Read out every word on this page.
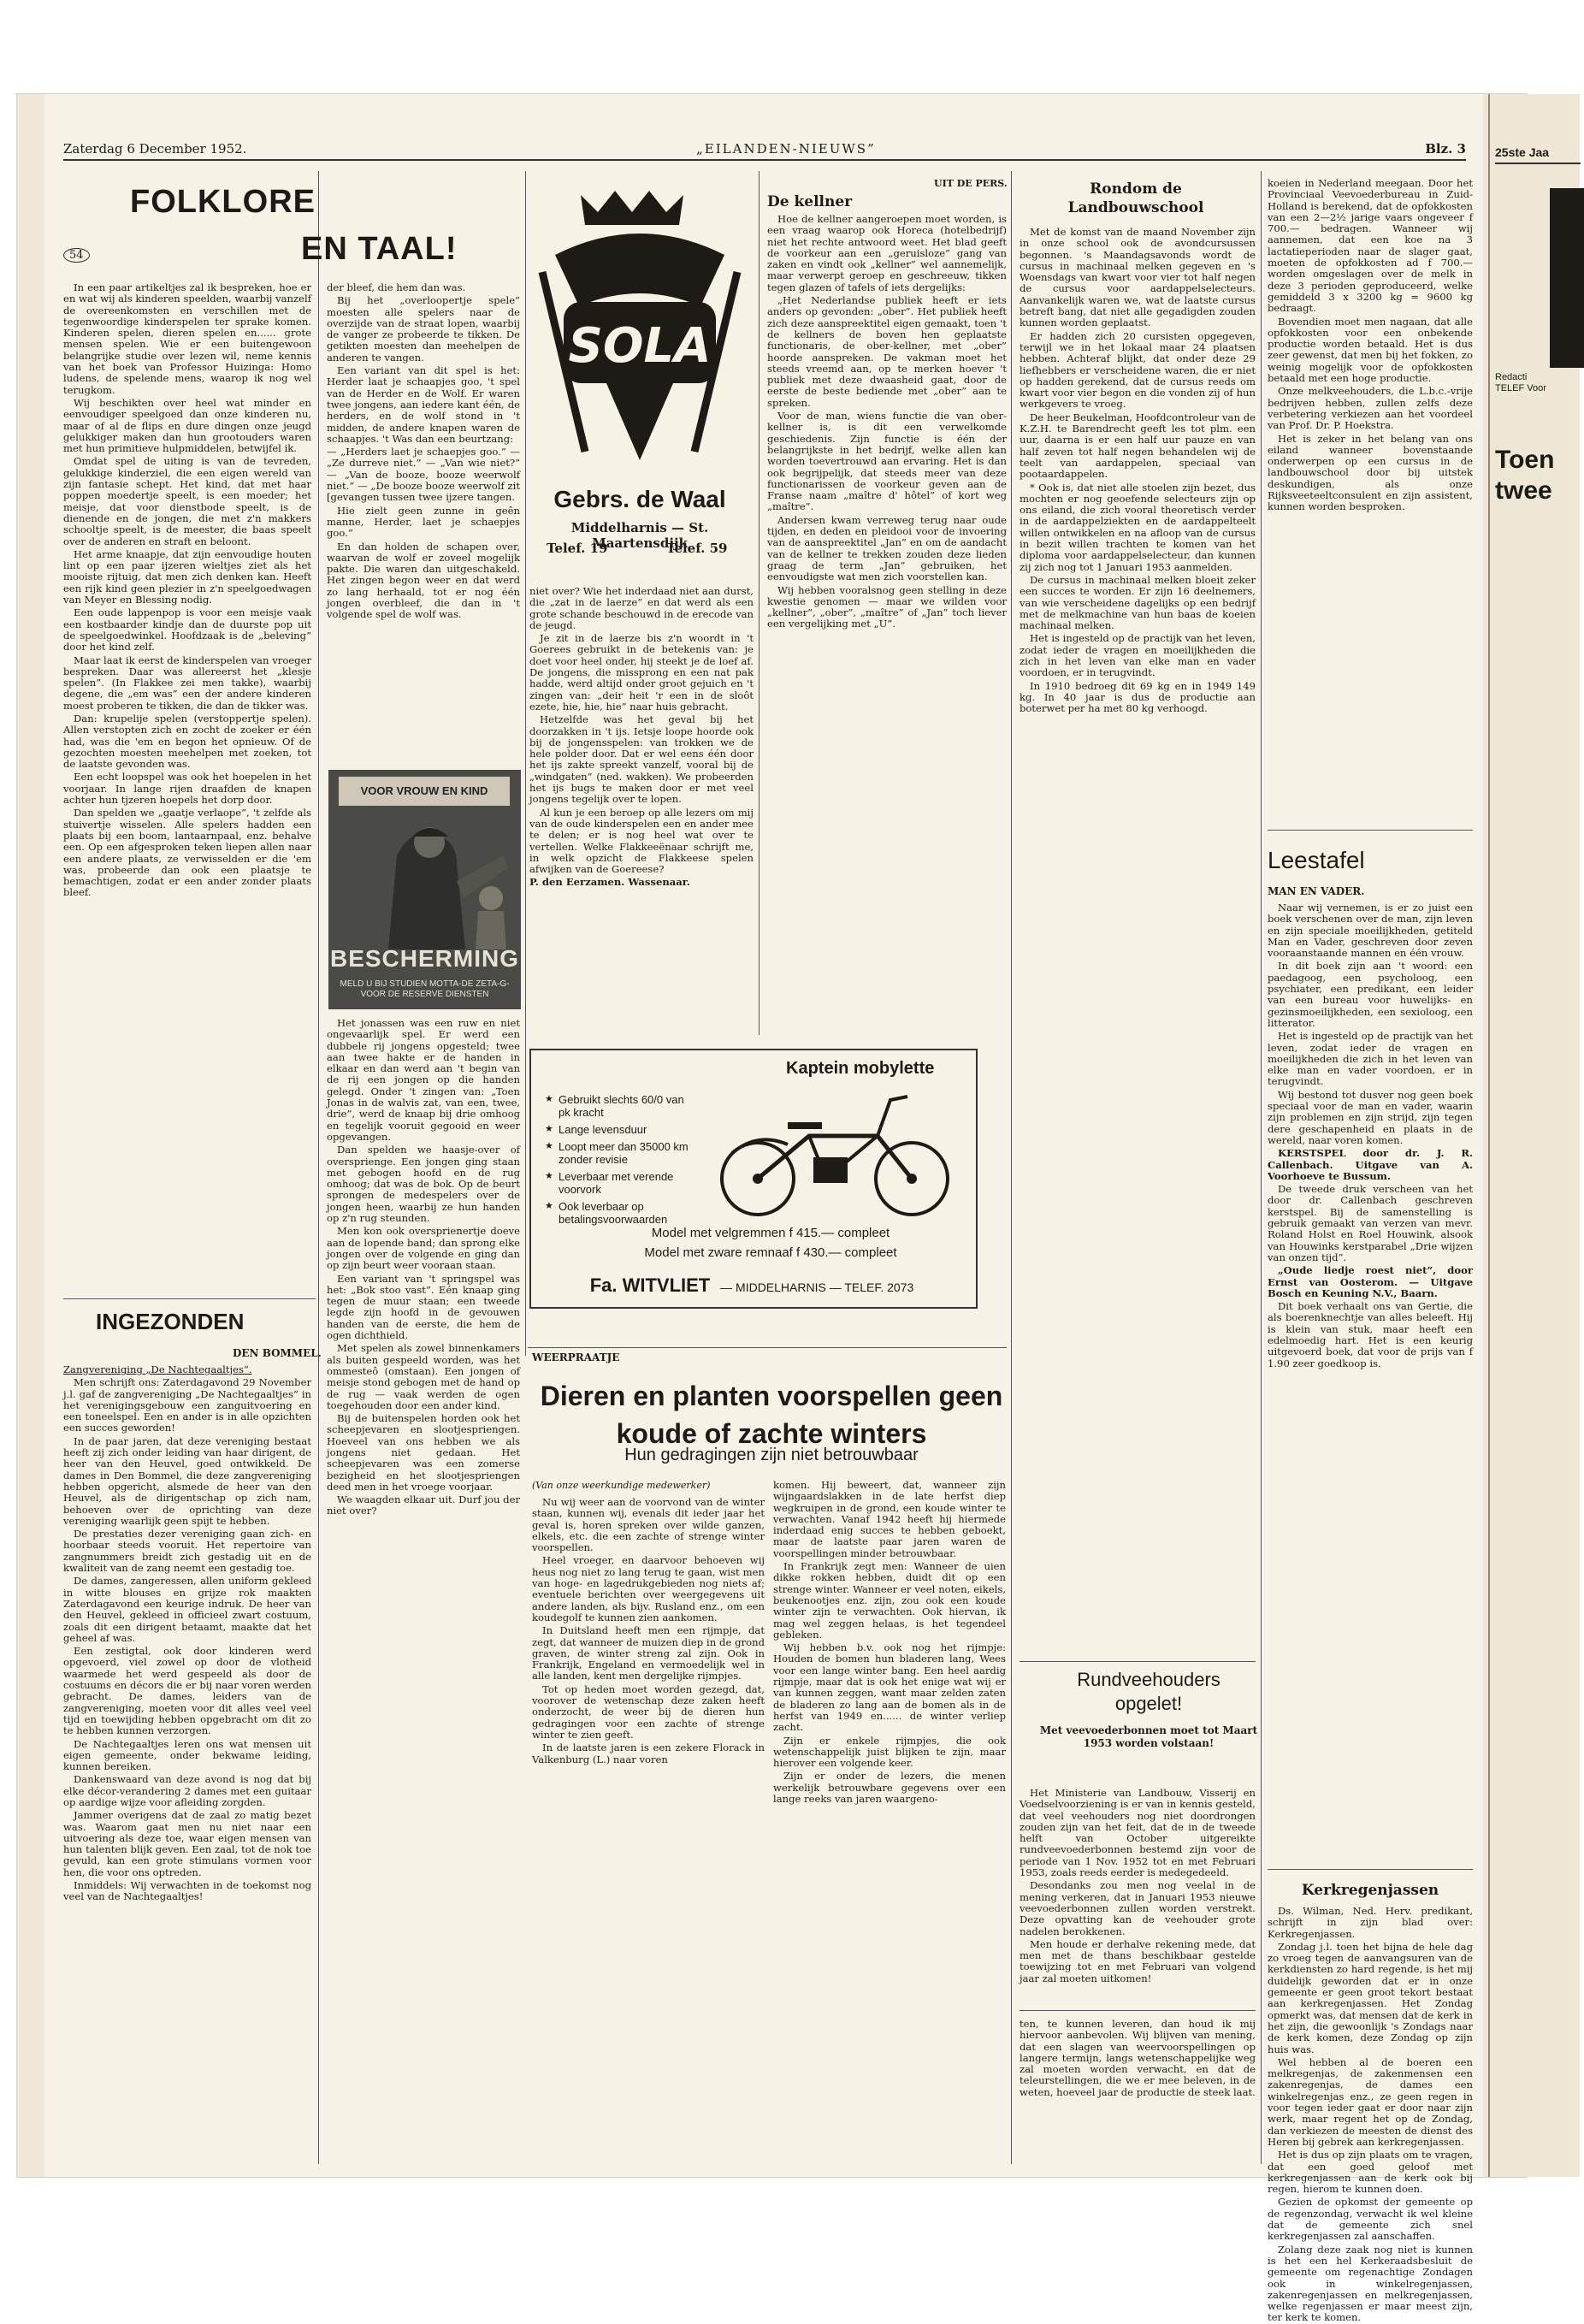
Zaterdag 6 December 1952.	„EILANDEN-NIEUWS”	Blz. 3
FOLKLORE
EN TAAL!
54

In een paar artikeltjes zal ik bespreken, hoe er en wat wij als kinderen speelden, waarbij vanzelf de overeenkomsten en verschillen met de tegenwoordige kinderspelen ter sprake komen. Kinderen spelen, dieren spelen en...... grote mensen spelen. Wie er een buitengewoon belangrijke studie over lezen wil, neme kennis van het boek van Professor Huizinga: Homo ludens, de spelende mens, waarop ik nog wel terugkom.

Wij beschikten over heel wat minder en eenvoudiger speelgoed dan onze kinderen nu, maar of al de flips en dure dingen onze jeugd gelukkiger maken dan hun grootouders waren met hun primitieve hulpmiddelen, betwijfel ik.

Omdat spel de uiting is van de tevreden, gelukkige kinderziel, die een eigen wereld van zijn fantasie schept. Het kind, dat met haar poppen moedertje speelt, is een moeder; het meisje, dat voor dienstbode speelt, is de dienende en de jongen, die met z'n makkers schooltje speelt, is de meester, die baas speelt over de anderen en straft en beloont.

Het arme knaapje, dat zijn eenvoudige houten lint op een paar ijzeren wieltjes ziet als het mooiste rijtuig, dat men zich denken kan. Heeft een rijk kind geen plezier in z'n speelgoedwagen van Meyer en Blessing nodig.

Een oude lappenpop is voor een meisje vaak een kostbaarder kindje dan de duurste pop uit de speelgoedwinkel. Hoofdzaak is de „beleving” door het kind zelf.

Maar laat ik eerst de kinderspelen van vroeger bespreken. Daar was allereerst het „klesje spelen”. (In Flakkee zei men takke), waarbij degene, die „em was” een der andere kinderen moest proberen te tikken, die dan de tikker was.

Dan: krupelije spelen (verstoppertje spelen). Allen verstopten zich en zocht de zoeker er één had, was die 'em en begon het opnieuw. Of de gezochten moesten meehelpen met zoeken, tot de laatste gevonden was.

Een echt loopspel was ook het hoepelen in het voorjaar. In lange rijen draafden de knapen achter hun tjzeren hoepels het dorp door.

Dan spelden we „gaatje verlaope”, 't zelfde als stuivertje wisselen. Alle spelers hadden een plaats bij een boom, lantaarnpaal, enz. behalve een. Op een afgesproken teken liepen allen naar een andere plaats, ze verwisselden er die 'em was, probeerde dan ook een plaatsje te bemachtigen, zodat er een ander zonder plaats bleef.

INGEZONDEN
DEN BOMMEL.

Zangvereniging „De Nachtegaaltjes”.

Men schrijft ons: Zaterdagavond 29 November j.l. gaf de zangvereniging „De Nachtegaaltjes” in het verenigingsgebouw een zanguitvoering en een toneelspel. Een en ander is in alle opzichten een succes geworden!

In de paar jaren, dat deze vereniging bestaat heeft zij zich onder leiding van haar dirigent, de heer van den Heuvel, goed ontwikkeld. De dames in Den Bommel, die deze zangvereniging hebben opgericht, alsmede de heer van den Heuvel, als de dirigentschap op zich nam, behoeven over de oprichting van deze vereniging waarlijk geen spijt te hebben.

De prestaties dezer vereniging gaan zich- en hoorbaar steeds vooruit. Het repertoire van zangnummers breidt zich gestadig uit en de kwaliteit van de zang neemt een gestadig toe.

De dames, zangeressen, allen uniform gekleed in witte blouses en grijze rok maakten Zaterdagavond een keurige indruk. De heer van den Heuvel, gekleed in officieel zwart costuum, zoals dit een dirigent betaamt, maakte dat het geheel af was.

Een zestigtal, ook door kinderen werd opgevoerd, viel zowel op door de vlotheid waarmede het werd gespeeld als door de costuums en décors die er bij naar voren werden gebracht. De dames, leiders van de zangvereniging, moeten voor dit alles veel veel tijd en toewijding hebben opgebracht om dit zo te hebben kunnen verzorgen.

De Nachtegaaltjes leren ons wat mensen uit eigen gemeente, onder bekwame leiding, kunnen bereiken.

Dankenswaard van deze avond is nog dat bij elke décor-verandering 2 dames met een guitaar op aardige wijze voor afleiding zorgden.

Jammer overigens dat de zaal zo matig bezet was. Waarom gaat men nu niet naar een uitvoering als deze toe, waar eigen mensen van hun talenten blijk geven. Een zaal, tot de nok toe gevuld, kan een grote stimulans vormen voor hen, die voor ons optreden.

Inmiddels: Wij verwachten in de toekomst nog veel van de Nachtegaaltjes!

der bleef, die hem dan was.

Bij het „overloopertje spele” moesten alle spelers naar de overzijde van de straat lopen, waarbij de vanger ze probeerde te tikken. De getikten moesten dan meehelpen de anderen te vangen.

Een variant van dit spel is het: Herder laat je schaapjes goo, 't spel van de Herder en de Wolf. Er waren twee jongens, aan iedere kant één, de herders, en de wolf stond in 't midden, de andere knapen waren de schaapjes. 't Was dan een beurtzang:

— „Herders laet je schaepjes goo.” — „Ze durreve niet.” — „Van wie niet?” — „Van de booze, booze weerwolf niet.” — „De booze booze weerwolf zit [gevangen tussen twee ijzere tangen.

Hie zielt geen zunne in geên manne, Herder, laet je schaepjes goo.”

En dan holden de schapen over, waarvan de wolf er zoveel mogelijk pakte. Die waren dan uitgeschakeld. Het zingen begon weer en dat werd zo lang herhaald, tot er nog één jongen overbleef, die dan in 't volgende spel de wolf was.

VOOR VROUW EN KIND
BESCHERMING
MELD U BIJ STUDIEN MOTTA-DE ZETA-G-VOOR DE RESERVE DIENSTEN

Het jonassen was een ruw en niet ongevaarlijk spel. Er werd een dubbele rij jongens opgesteld; twee aan twee hakte er de handen in elkaar en dan werd aan 't begin van de rij een jongen op die handen gelegd. Onder 't zingen van: „Toen Jonas in de walvis zat, van een, twee, drie”, werd de knaap bij drie omhoog en tegelijk vooruit gegooid en weer opgevangen.

Dan spelden we haasje-over of oversprienge. Een jongen ging staan met gebogen hoofd en de rug omhoog; dat was de bok. Op de beurt sprongen de medespelers over de jongen heen, waarbij ze hun handen op z'n rug steunden.

Men kon ook oversprienertje doeve aan de lopende band; dan sprong elke jongen over de volgende en ging dan op zijn beurt weer vooraan staan.

Een variant van 't springspel was het: „Bok stoo vast”. Eén knaap ging tegen de muur staan; een tweede legde zijn hoofd in de gevouwen handen van de eerste, die hem de ogen dichthield.

Met spelen als zowel binnenkamers als buiten gespeeld worden, was het ommesteô (omstaan). Een jongen of meisje stond gebogen met de hand op de rug — vaak werden de ogen toegehouden door een ander kind.

Bij de buitenspelen horden ook het scheepjevaren en slootjespriengen. Hoeveel van ons hebben we als jongens niet gedaan. Het scheepjevaren was een zomerse bezigheid en het slootjespriengen deed men in het vroege voorjaar.

We waagden elkaar uit. Durf jou der niet over?

SOLA
Gebrs. de Waal
Middelharnis — St. Maartensdijk
Telef. 19	Telef. 59

niet over? Wie het inderdaad niet aan durst, die „zat in de laerze” en dat werd als een grote schande beschouwd in de erecode van de jeugd.

Je zit in de laerze bis z'n woordt in 't Goerees gebruikt in de betekenis van: je doet voor heel onder, hij steekt je de loef af. De jongens, die missprong en een nat pak hadde, werd altijd onder groot gejuich en 't zingen van: „deir heit 'r een in de sloôt ezete, hie, hie, hie” naar huis gebracht.

Hetzelfde was het geval bij het doorzakken in 't ijs. Ietsje loope hoorde ook bij de jongensspelen: van trokken we de hele polder door. Dat er wel eens één door het ijs zakte spreekt vanzelf, vooral bij de „windgaten” (ned. wakken). We probeerden het ijs bugs te maken door er met veel jongens tegelijk over te lopen.

Al kun je een beroep op alle lezers om mij van de oude kinderspelen een en ander mee te delen; er is nog heel wat over te vertellen. Welke Flakkeeënaar schrijft me, in welk opzicht de Flakkeese spelen afwijken van de Goereese?

P. den Eerzamen. Wassenaar.

UIT DE PERS.
De kellner

Hoe de kellner aangeroepen moet worden, is een vraag waarop ook Horeca (hotelbedrijf) niet het rechte antwoord weet. Het blad geeft de voorkeur aan een „geruisloze” gang van zaken en vindt ook „kellner” wel aannemelijk, maar verwerpt geroep en geschreeuw, tikken tegen glazen of tafels of iets dergelijks:

„Het Nederlandse publiek heeft er iets anders op gevonden: „ober”. Het publiek heeft zich deze aanspreektitel eigen gemaakt, toen 't de kellners de boven hen geplaatste functionaris, de ober-kellner, met „ober” hoorde aanspreken. De vakman moet het steeds vreemd aan, op te merken hoever 't publiek met deze dwaasheid gaat, door de eerste de beste bediende met „ober” aan te spreken.

Voor de man, wiens functie die van ober-kellner is, is dit een verwelkomde geschiedenis. Zijn functie is één der belangrijkste in het bedrijf, welke allen kan worden toevertrouwd aan ervaring. Het is dan ook begrijpelijk, dat steeds meer van deze functionarissen de voorkeur geven aan de Franse naam „maître d' hôtel” of kort weg „maître”.

Andersen kwam verreweg terug naar oude tijden, en deden en pleidooi voor de invoering van de aanspreektitel „Jan” en om de aandacht van de kellner te trekken zouden deze lieden graag de term „Jan” gebruiken, het eenvoudigste wat men zich voorstellen kan.

Wij hebben vooralsnog geen stelling in deze kwestie genomen — maar we wilden voor „kellner”, „ober”, „maître” of „Jan” toch liever een vergelijking met „U”.

Kaptein mobylette
★ Gebruikt slechts 60/0 van pk kracht
★ Lange levensduur
★ Loopt meer dan 35000 km zonder revisie
★ Leverbaar met verende voorvork
★ Ook leverbaar op betalingsvoorwaarden
Model met velgremmen f 415.— compleet
Model met zware remnaaf f 430.— compleet
Fa. WITVLIET — MIDDELHARNIS — TELEF. 2073
WEERPRAATJE
Dieren en planten voorspellen geen koude of zachte winters
Hun gedragingen zijn niet betrouwbaar
(Van onze weerkundige medewerker)

Nu wij weer aan de voorvond van de winter staan, kunnen wij, evenals dit ieder jaar het geval is, horen spreken over wilde ganzen, elkels, etc. die een zachte of strenge winter voorspellen.

Heel vroeger, en daarvoor behoeven wij heus nog niet zo lang terug te gaan, wist men van hoge- en lagedrukgebieden nog niets af; eventuele berichten over weergegevens uit andere landen, als bijv. Rusland enz., om een koudegolf te kunnen zien aankomen.

In Duitsland heeft men een rijmpje, dat zegt, dat wanneer de muizen diep in de grond graven, de winter streng zal zijn. Ook in Frankrijk, Engeland en vermoedelijk wel in alle landen, kent men dergelijke rijmpjes.

Tot op heden moet worden gezegd, dat, voorover de wetenschap deze zaken heeft onderzocht, de weer bij de dieren hun gedragingen voor een zachte of strenge winter te zien geeft.

In de laatste jaren is een zekere Florack in Valkenburg (L.) naar voren

komen. Hij beweert, dat, wanneer zijn wijngaardslakken in de late herfst diep wegkruipen in de grond, een koude winter te verwachten. Vanaf 1942 heeft hij hiermede inderdaad enig succes te hebben geboekt, maar de laatste paar jaren waren de voorspellingen minder betrouwbaar.

In Frankrijk zegt men: Wanneer de uien dikke rokken hebben, duidt dit op een strenge winter. Wanneer er veel noten, eikels, beukenootjes enz. zijn, zou ook een koude winter zijn te verwachten. Ook hiervan, ik mag wel zeggen helaas, is het tegendeel gebleken.

Wij hebben b.v. ook nog het rijmpje: Houden de bomen hun bladeren lang, Wees voor een lange winter bang. Een heel aardig rijmpje, maar dat is ook het enige wat wij er van kunnen zeggen, want maar zelden zaten de bladeren zo lang aan de bomen als in de herfst van 1949 en...... de winter verliep zacht.

Zijn er enkele rijmpjes, die ook wetenschappelijk juist blijken te zijn, maar hierover een volgende keer.

Zijn er onder de lezers, die menen werkelijk betrouwbare gegevens over een lange reeks van jaren waargeno-

Rondom de Landbouwschool

Met de komst van de maand November zijn in onze school ook de avondcursussen begonnen. 's Maandagsavonds wordt de cursus in machinaal melken gegeven en 's Woensdags van kwart voor vier tot half negen de cursus voor aardappelselecteurs. Aanvankelijk waren we, wat de laatste cursus betreft bang, dat niet alle gegadigden zouden kunnen worden geplaatst.

Er hadden zich 20 cursisten opgegeven, terwijl we in het lokaal maar 24 plaatsen hebben. Achteraf blijkt, dat onder deze 29 liefhebbers er verscheidene waren, die er niet op hadden gerekend, dat de cursus reeds om kwart voor vier begon en die vonden zij of hun werkgevers te vroeg.

De heer Beukelman, Hoofdcontroleur van de K.Z.H. te Barendrecht geeft les tot plm. een uur, daarna is er een half uur pauze en van half zeven tot half negen behandelen wij de teelt van aardappelen, speciaal van pootaardappelen.

* Ook is, dat niet alle stoelen zijn bezet, dus mochten er nog geoefende selecteurs zijn op ons eiland, die zich vooral theoretisch verder in de aardappelziekten en de aardappelteelt willen ontwikkelen en na afloop van de cursus in bezit willen trachten te komen van het diploma voor aardappelselecteur, dan kunnen zij zich nog tot 1 Januari 1953 aanmelden.

De cursus in machinaal melken bloeit zeker een succes te worden. Er zijn 16 deelnemers, van wie verscheidene dagelijks op een bedrijf met de melkmachine van hun baas de koeien machinaal melken.

Het is ingesteld op de practijk van het leven, zodat ieder de vragen en moeilijkheden die zich in het leven van elke man en vader voordoen, er in terugvindt.

In 1910 bedroeg dit 69 kg en in 1949 149 kg. In 40 jaar is dus de productie aan boterwet per ha met 80 kg verhoogd.

Rundveehouders
opgelet!
Met veevoederbonnen moet tot Maart 1953 worden volstaan!

Het Ministerie van Landbouw, Visserij en Voedselvoorziening is er van in kennis gesteld, dat veel veehouders nog niet doordrongen zouden zijn van het feit, dat de in de tweede helft van October uitgereikte rundveevoederbonnen bestemd zijn voor de periode van 1 Nov. 1952 tot en met Februari 1953, zoals reeds eerder is medegedeeld.

Desondanks zou men nog veelal in de mening verkeren, dat in Januari 1953 nieuwe veevoederbonnen zullen worden verstrekt. Deze opvatting kan de veehouder grote nadelen berokkenen.

Men houde er derhalve rekening mede, dat men met de thans beschikbaar gestelde toewijzing tot en met Februari van volgend jaar zal moeten uitkomen!

ten, te kunnen leveren, dan houd ik mij hiervoor aanbevolen. Wij blijven van mening, dat een slagen van weervoorspellingen op langere termijn, langs wetenschappelijke weg zal moeten worden verwacht, en dat de teleurstellingen, die we er mee beleven, in de weten, hoeveel jaar de productie de steek laat.

koeien in Nederland meegaan. Door het Provinciaal Veevoederbureau in Zuid-Holland is berekend, dat de opfokkosten van een 2—2½ jarige vaars ongeveer f 700.— bedragen. Wanneer wij aannemen, dat een koe na 3 lactatieperioden naar de slager gaat, moeten de opfokkosten ad f 700.— worden omgeslagen over de melk in deze 3 perioden geproduceerd, welke gemiddeld 3 x 3200 kg = 9600 kg bedraagt.

Bovendien moet men nagaan, dat alle opfokkosten voor een onbekende productie worden betaald. Het is dus zeer gewenst, dat men bij het fokken, zo weinig mogelijk voor de opfokkosten betaald met een hoge productie.

Onze melkveehouders, die L.b.c.-vrije bedrijven hebben, zullen zelfs deze verbetering verkiezen aan het voordeel van Prof. Dr. P. Hoekstra.

Het is zeker in het belang van ons eiland wanneer bovenstaande onderwerpen op een cursus in de landbouwschool door bij uitstek deskundigen, als onze Rijksveeteeltconsulent en zijn assistent, kunnen worden besproken.

Leestafel
MAN EN VADER.

Naar wij vernemen, is er zo juist een boek verschenen over de man, zijn leven en zijn speciale moeilijkheden, getiteld Man en Vader, geschreven door zeven vooraanstaande mannen en één vrouw.

In dit boek zijn aan 't woord: een paedagoog, een psycholoog, een psychiater, een predikant, een leider van een bureau voor huwelijks- en gezinsmoeilijkheden, een sexioloog, een litterator.

Het is ingesteld op de practijk van het leven, zodat ieder de vragen en moeilijkheden die zich in het leven van elke man en vader voordoen, er in terugvindt.

Wij bestond tot dusver nog geen boek speciaal voor de man en vader, waarin zijn problemen en zijn strijd, zijn tegen dere geschapenheid en plaats in de wereld, naar voren komen.

KERSTSPEL door dr. J. R. Callenbach. Uitgave van A. Voorhoeve te Bussum.

De tweede druk verscheen van het door dr. Callenbach geschreven kerstspel. Bij de samenstelling is gebruik gemaakt van verzen van mevr. Roland Holst en Roel Houwink, alsook van Houwinks kerstparabel „Drie wijzen van onzen tijd”.

„Oude liedje roest niet”, door Ernst van Oosterom. — Uitgave Bosch en Keuning N.V., Baarn.

Dit boek verhaalt ons van Gertie, die als boerenknechtje van alles beleeft. Hij is klein van stuk, maar heeft een edelmoedig hart. Het is een keurig uitgevoerd boek, dat voor de prijs van f 1.90 zeer goedkoop is.

Kerkregenjassen

Ds. Wilman, Ned. Herv. predikant, schrijft in zijn blad over: Kerkregenjassen.

Zondag j.l. toen het bijna de hele dag zo vroeg tegen de aanvangsuren van de kerkdiensten zo hard regende, is het mij duidelijk geworden dat er in onze gemeente er geen groot tekort bestaat aan kerkregenjassen. Het Zondag opmerkt was, dat mensen dat de kerk in het zijn, die gewoonlijk 's Zondags naar de kerk komen, deze Zondag op zijn huis was.

Wel hebben al de boeren een melkregenjas, de zakenmensen een zakenregenjas, de dames een winkelregenjas enz., ze geen regen in voor tegen ieder gaat er door naar zijn werk, maar regent het op de Zondag, dan verkiezen de meesten de dienst des Heren bij gebrek aan kerkregenjassen.

Het is dus op zijn plaats om te vragen, dat een goed geloof met kerkregenjassen aan de kerk ook bij regen, hierom te kunnen doen.

Gezien de opkomst der gemeente op de regenzondag, verwacht ik wel kleine dat de gemeente zich snel kerkregenjassen zal aanschaffen.

Zolang deze zaak nog niet is kunnen is het een hel Kerkeraadsbesluit de gemeente om regenachtige Zondagen ook in winkelregenjassen, zakenregenjassen en melkregenjassen, welke regenjassen er maar meest zijn, ter kerk te komen.

25ste Jaa
Redacti TELEF Voor
Toen twee
